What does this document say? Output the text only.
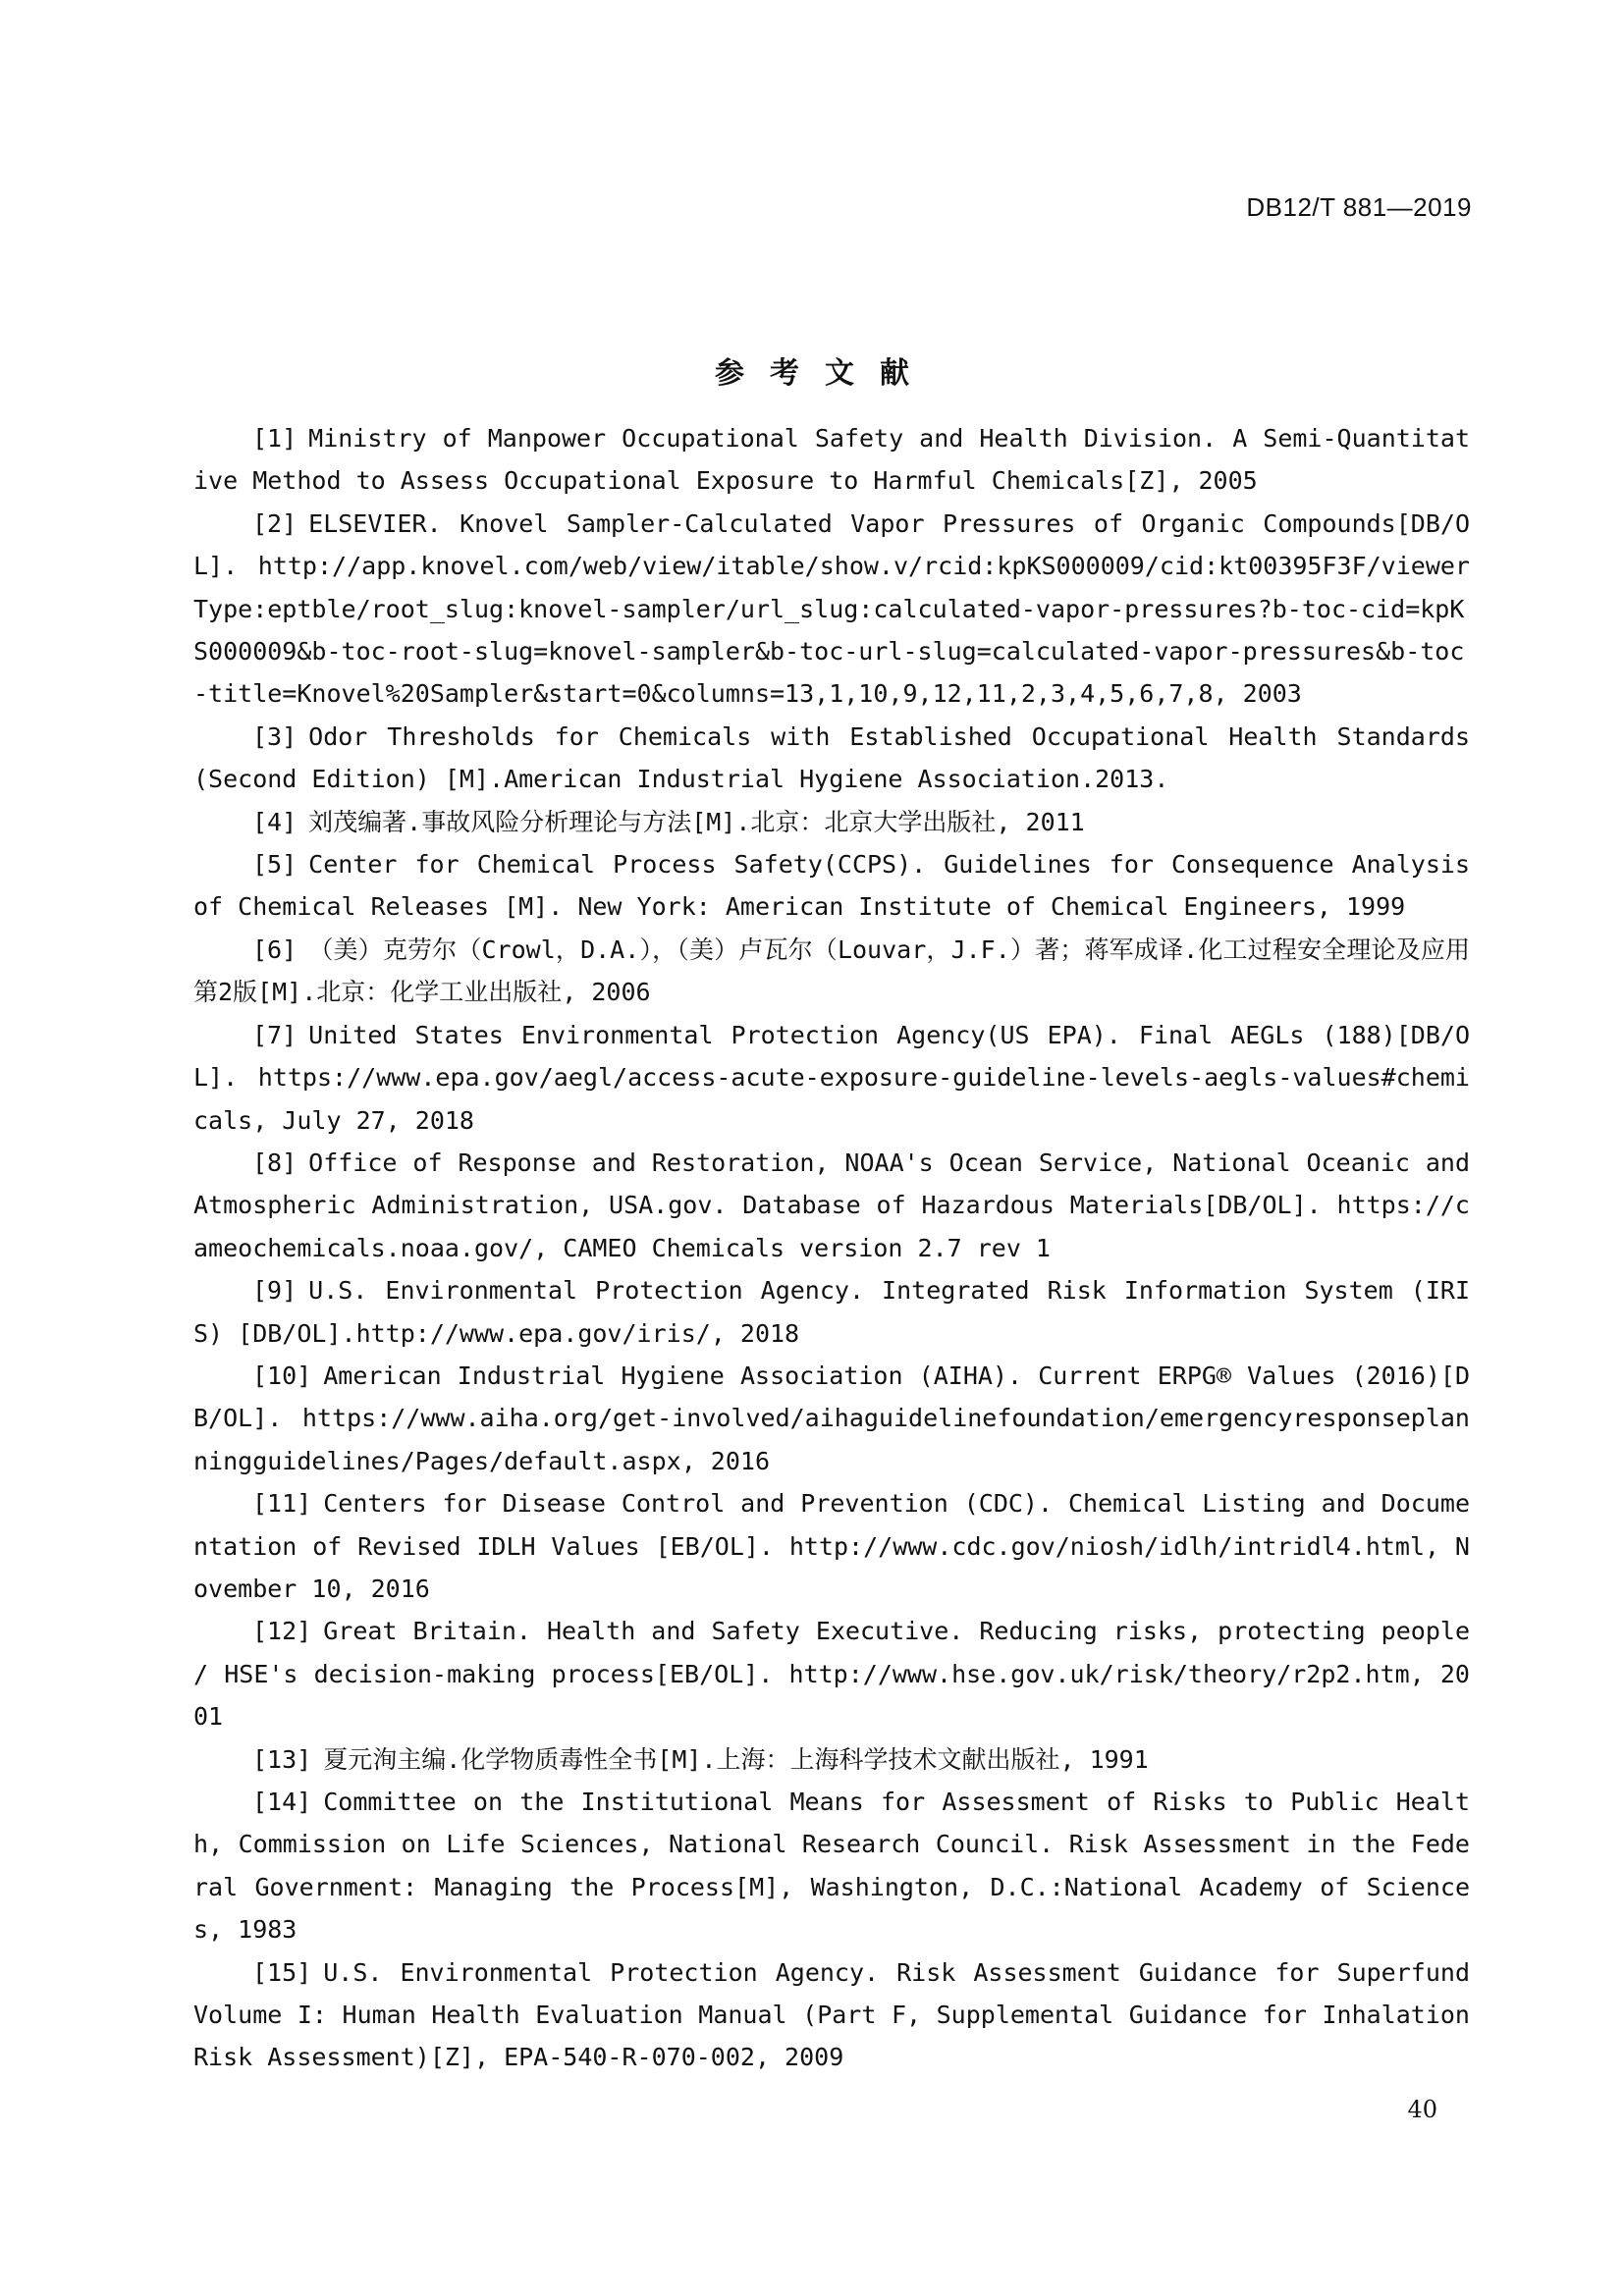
DB12/T 881—2019
参考文献
[1] Ministry of Manpower Occupational Safety and Health Division. A Semi-Quantitative Method to Assess Occupational Exposure to Harmful Chemicals[Z], 2005
[2] ELSEVIER. Knovel Sampler-Calculated Vapor Pressures of Organic Compounds[DB/OL]. http://app.knovel.com/web/view/itable/show.v/rcid:kpKS000009/cid:kt00395F3F/viewerType:eptble/root_slug:knovel-sampler/url_slug:calculated-vapor-pressures?b-toc-cid=kpKS000009&b-toc-root-slug=knovel-sampler&b-toc-url-slug=calculated-vapor-pressures&b-toc-title=Knovel%20Sampler&start=0&columns=13,1,10,9,12,11,2,3,4,5,6,7,8, 2003
[3] Odor Thresholds for Chemicals with Established Occupational Health Standards (Second Edition) [M].American Industrial Hygiene Association.2013.
[4] 刘茂编著.事故风险分析理论与方法[M].北京：北京大学出版社, 2011
[5] Center for Chemical Process Safety(CCPS). Guidelines for Consequence Analysis of Chemical Releases [M]. New York: American Institute of Chemical Engineers, 1999
[6] （美）克劳尔（Crowl，D.A.），（美）卢瓦尔（Louvar，J.F.）著；蒋军成译.化工过程安全理论及应用 第2版[M].北京：化学工业出版社, 2006
[7] United States Environmental Protection Agency(US EPA). Final AEGLs (188)[DB/OL]. https://www.epa.gov/aegl/access-acute-exposure-guideline-levels-aegls-values#chemicals, July 27, 2018
[8] Office of Response and Restoration, NOAA's Ocean Service, National Oceanic and Atmospheric Administration, USA.gov. Database of Hazardous Materials[DB/OL]. https://cameochemicals.noaa.gov/, CAMEO Chemicals version 2.7 rev 1
[9] U.S. Environmental Protection Agency. Integrated Risk Information System (IRIS) [DB/OL].http://www.epa.gov/iris/, 2018
[10] American Industrial Hygiene Association (AIHA). Current ERPG® Values (2016)[DB/OL]. https://www.aiha.org/get-involved/aihaguidelinefoundation/emergencyresponseplanningguidelines/Pages/default.aspx, 2016
[11] Centers for Disease Control and Prevention (CDC). Chemical Listing and Documentation of Revised IDLH Values [EB/OL]. http://www.cdc.gov/niosh/idlh/intridl4.html, November 10, 2016
[12] Great Britain. Health and Safety Executive. Reducing risks, protecting people / HSE's decision-making process[EB/OL]. http://www.hse.gov.uk/risk/theory/r2p2.htm, 2001
[13] 夏元洵主编.化学物质毒性全书[M].上海：上海科学技术文献出版社, 1991
[14] Committee on the Institutional Means for Assessment of Risks to Public Health, Commission on Life Sciences, National Research Council. Risk Assessment in the Federal Government: Managing the Process[M], Washington, D.C.:National Academy of Sciences, 1983
[15] U.S. Environmental Protection Agency. Risk Assessment Guidance for Superfund Volume I: Human Health Evaluation Manual (Part F, Supplemental Guidance for Inhalation Risk Assessment)[Z], EPA-540-R-070-002, 2009
40
